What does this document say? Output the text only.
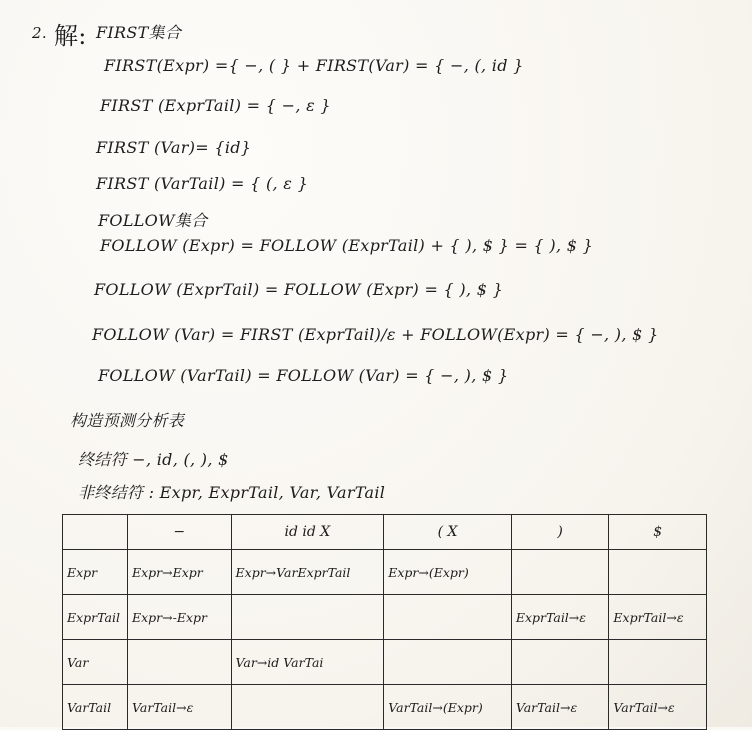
2. 解: FIRST集合
FIRST(Expr) ={ −, ( } + FIRST(Var) = { −, (, id }
FIRST (ExprTail) = { −, ε }
FIRST (Var)= {id}
FIRST (VarTail) = { (, ε }
FOLLOW集合
FOLLOW (Expr) = FOLLOW (ExprTail) + { ), $ } = { ), $ }
FOLLOW (ExprTail) = FOLLOW (Expr) = { ), $ }
FOLLOW (Var) = FIRST (ExprTail)/ε + FOLLOW(Expr) = { −, ), $ }
FOLLOW (VarTail) = FOLLOW (Var) = { −, ), $ }
构造预测分析表
终结符 −, id, (, ), $
非终结符 : Expr, ExprTail, Var, VarTail
	−	id id X	( X	)	$
Expr	Expr→Expr	Expr→VarExprTail	Expr→(Expr)		
ExprTail	Expr→-Expr			ExprTail→ε	ExprTail→ε
Var		Var→id VarTai			
VarTail	VarTail→ε		VarTail→(Expr)	VarTail→ε	VarTail→ε
